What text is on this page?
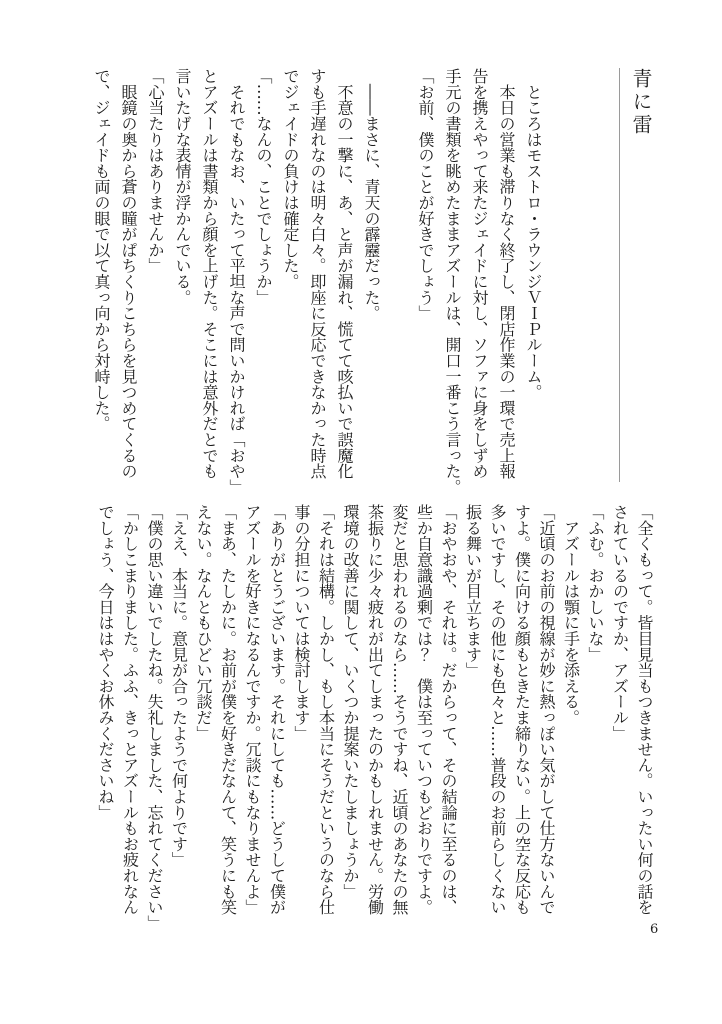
青に雷

　ところはモストロ・ラウンジＶＩＰルーム。

　本日の営業も滞りなく終了し、閉店作業の一環で売上報

告を携えやって来たジェイドに対し、ソファに身をしずめ

手元の書類を眺めたままアズールは、開口一番こう言った。

「お前、僕のことが好きでしょう」

　――まさに、青天の霹靂だった。

　不意の一撃に、あ、と声が漏れ、慌てて咳払いで誤魔化

すも手遅れなのは明々白々。即座に反応できなかった時点

でジェイドの負けは確定した。

「……なんの、ことでしょうか」

　それでもなお、いたって平坦な声で問いかければ「おや」

とアズールは書類から顔を上げた。そこには意外だとでも

言いたげな表情が浮かんでいる。

「心当たりはありませんか」

　眼鏡の奥から蒼の瞳がぱちくりこちらを見つめてくるの

で、ジェイドも両の眼で以て真っ向から対峙した。

「全くもって。皆目見当もつきません。いったい何の話を

されているのですか、アズール」

「ふむ。おかしいな」

　アズールは顎に手を添える。

「近頃のお前の視線が妙に熱っぽい気がして仕方ないんで

すよ。僕に向ける顔もときたま締りない。上の空な反応も

多いですし、その他にも色々と……普段のお前らしくない

振る舞いが目立ちます」

「おやおや、それは。だからって、その結論に至るのは、

些か自意識過剰では？　僕は至っていつもどおりですよ。

変だと思われるのなら……そうですね、近頃のあなたの無

茶振りに少々疲れが出てしまったのかもしれません。労働

環境の改善に関して、いくつか提案いたしましょうか」

「それは結構。しかし、もし本当にそうだというのなら仕

事の分担については検討します」

「ありがとうございます。それにしても……どうして僕が

アズールを好きになるんですか。冗談にもなりませんよ」

「まあ、たしかに。お前が僕を好きだなんて、笑うにも笑

えない。なんともひどい冗談だ」

「ええ、本当に。意見が合ったようで何よりです」

「僕の思い違いでしたね。失礼しました、忘れてください」

「かしこまりました。ふふ、きっとアズールもお疲れなん

でしょう、今日ははやくお休みくださいね」

6
